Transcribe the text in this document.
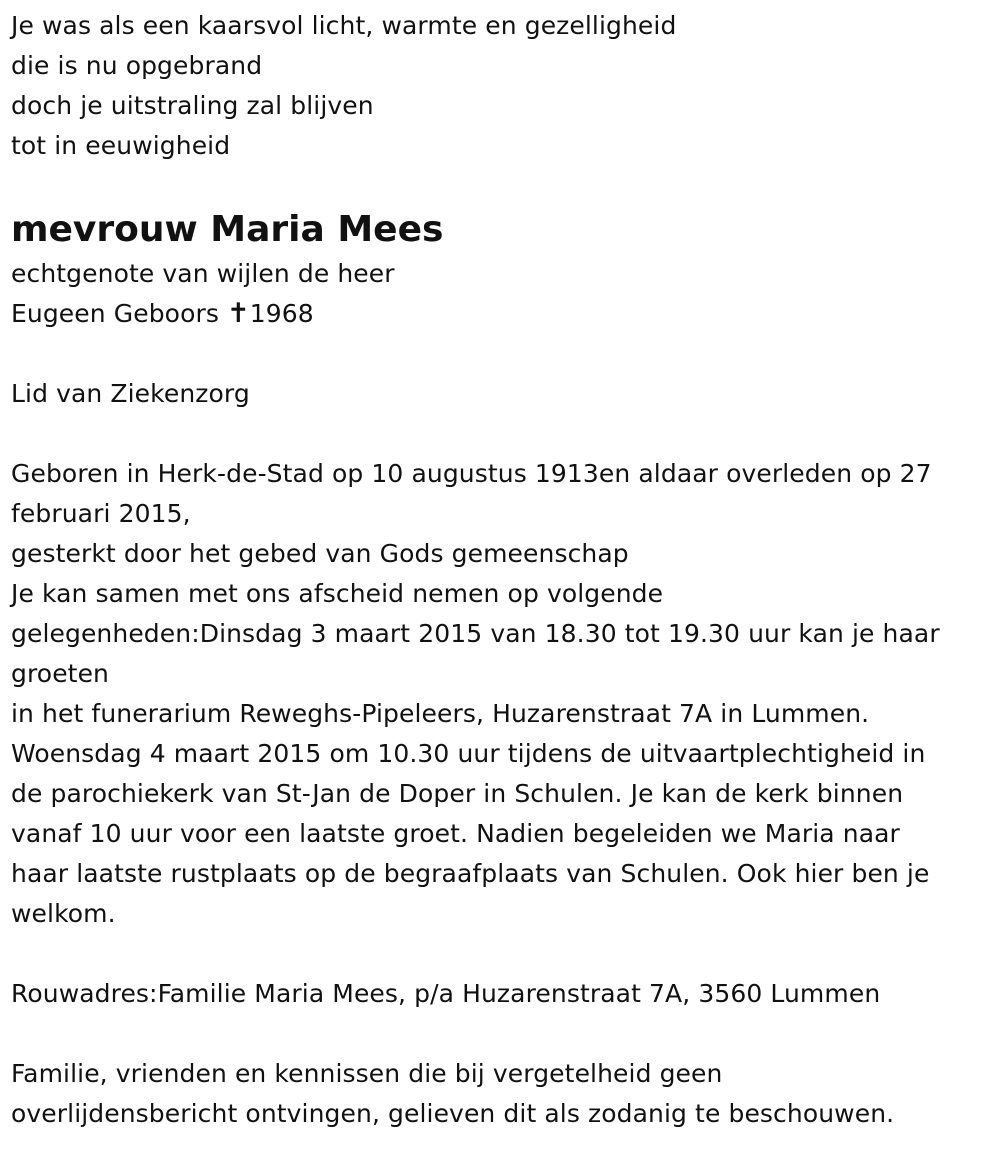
Je was als een kaarsvol licht, warmte en gezelligheid

die is nu opgebrand

doch je uitstraling zal blijven

tot in eeuwigheid

mevrouw Maria Mees

echtgenote van wijlen de heer

Eugeen Geboors ✝1968

Lid van Ziekenzorg

Geboren in Herk-de-Stad op 10 augustus 1913en aldaar overleden op 27

februari 2015,

gesterkt door het gebed van Gods gemeenschap

Je kan samen met ons afscheid nemen op volgende

gelegenheden:Dinsdag 3 maart 2015 van 18.30 tot 19.30 uur kan je haar

groeten

in het funerarium Reweghs-Pipeleers, Huzarenstraat 7A in Lummen.

Woensdag 4 maart 2015 om 10.30 uur tijdens de uitvaartplechtigheid in

de parochiekerk van St-Jan de Doper in Schulen. Je kan de kerk binnen

vanaf 10 uur voor een laatste groet. Nadien begeleiden we Maria naar

haar laatste rustplaats op de begraafplaats van Schulen. Ook hier ben je

welkom.

Rouwadres:Familie Maria Mees, p/a Huzarenstraat 7A, 3560 Lummen

Familie, vrienden en kennissen die bij vergetelheid geen

overlijdensbericht ontvingen, gelieven dit als zodanig te beschouwen.
